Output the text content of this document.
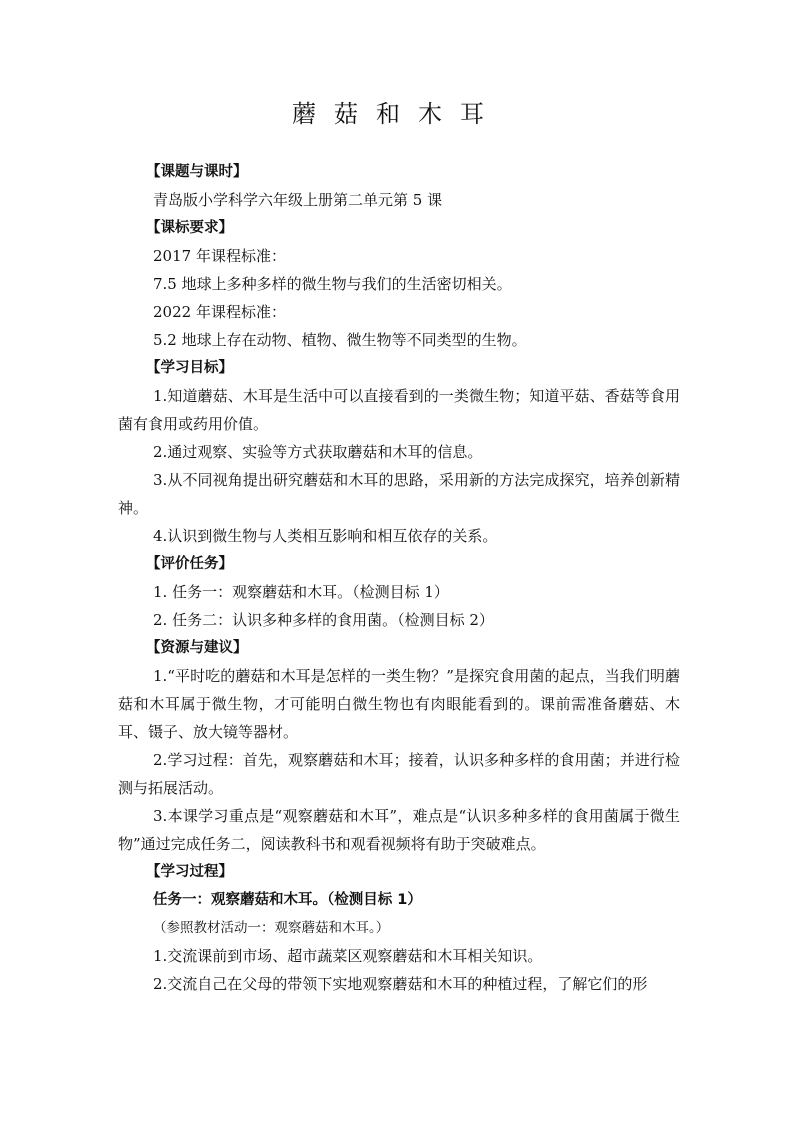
蘑菇和木耳

【课题与课时】

青岛版小学科学六年级上册第二单元第 5 课

【课标要求】

2017 年课程标准：

7.5 地球上多种多样的微生物与我们的生活密切相关。

2022 年课程标准：

5.2 地球上存在动物、植物、微生物等不同类型的生物。

【学习目标】

1.知道蘑菇、木耳是生活中可以直接看到的一类微生物；知道平菇、香菇等食用菌有食用或药用价值。

2.通过观察、实验等方式获取蘑菇和木耳的信息。

3.从不同视角提出研究蘑菇和木耳的思路，采用新的方法完成探究，培养创新精神。

4.认识到微生物与人类相互影响和相互依存的关系。

【评价任务】

1. 任务一：观察蘑菇和木耳。（检测目标 1）

2. 任务二：认识多种多样的食用菌。（检测目标 2）

【资源与建议】

1.“平时吃的蘑菇和木耳是怎样的一类生物？”是探究食用菌的起点，当我们明蘑菇和木耳属于微生物，才可能明白微生物也有肉眼能看到的。课前需准备蘑菇、木耳、镊子、放大镜等器材。

2.学习过程：首先，观察蘑菇和木耳；接着，认识多种多样的食用菌；并进行检测与拓展活动。

3.本课学习重点是“观察蘑菇和木耳”，难点是“认识多种多样的食用菌属于微生物”通过完成任务二，阅读教科书和观看视频将有助于突破难点。

【学习过程】

任务一：观察蘑菇和木耳。（检测目标 1）

（参照教材活动一：观察蘑菇和木耳。）

1.交流课前到市场、超市蔬菜区观察蘑菇和木耳相关知识。

2.交流自己在父母的带领下实地观察蘑菇和木耳的种植过程，了解它们的形
